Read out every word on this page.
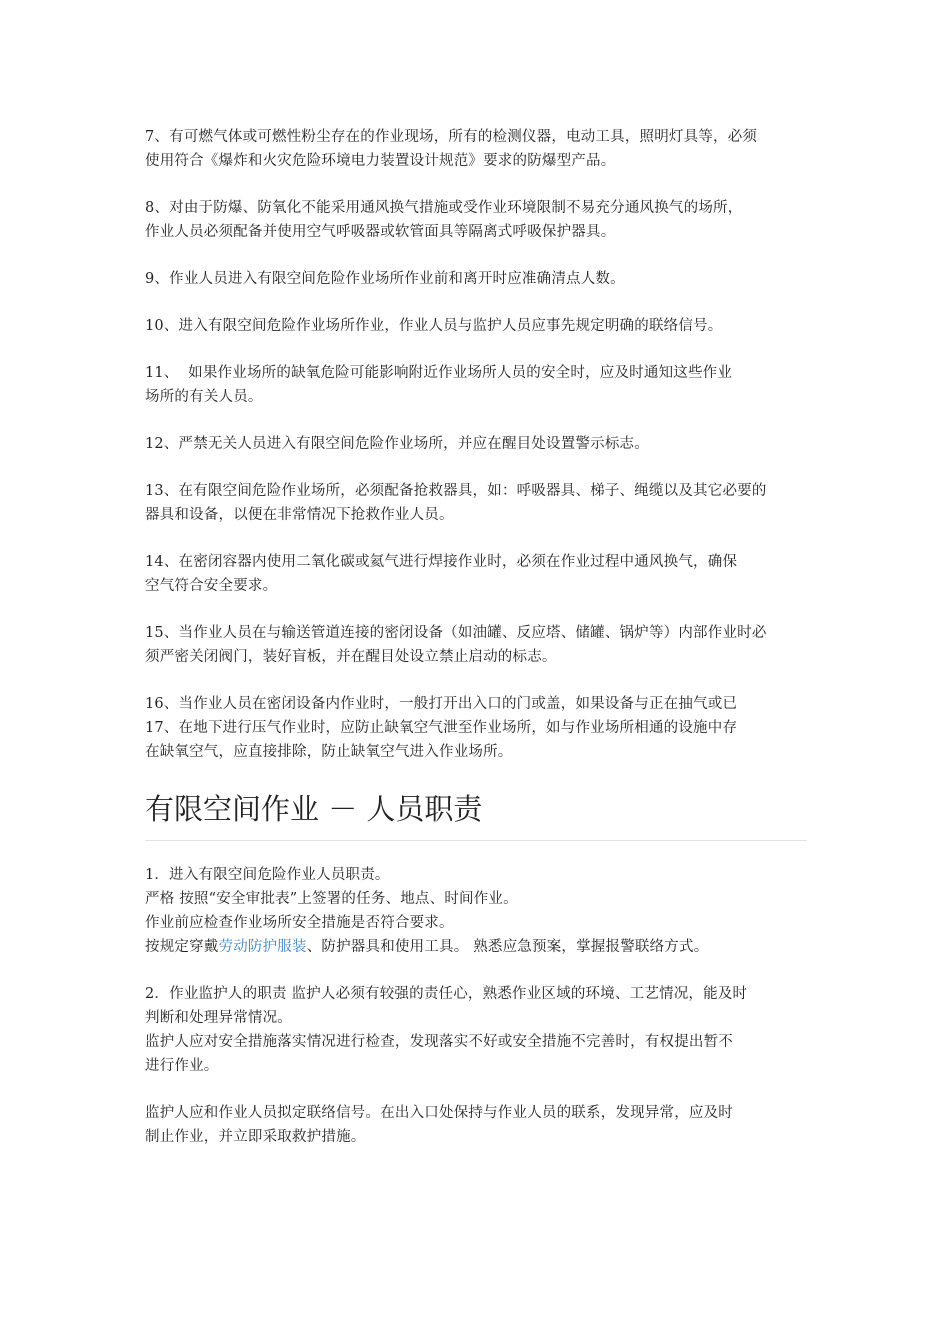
7、有可燃气体或可燃性粉尘存在的作业现场，所有的检测仪器，电动工具，照明灯具等，必须
使用符合《爆炸和火灾危险环境电力装置设计规范》要求的防爆型产品。

8、对由于防爆、防氧化不能采用通风换气措施或受作业环境限制不易充分通风换气的场所，
作业人员必须配备并使用空气呼吸器或软管面具等隔离式呼吸保护器具。

9、作业人员进入有限空间危险作业场所作业前和离开时应准确清点人数。

10、进入有限空间危险作业场所作业，作业人员与监护人员应事先规定明确的联络信号。

11、  如果作业场所的缺氧危险可能影响附近作业场所人员的安全时，应及时通知这些作业
场所的有关人员。

12、严禁无关人员进入有限空间危险作业场所，并应在醒目处设置警示标志。

13、在有限空间危险作业场所，必须配备抢救器具，如：呼吸器具、梯子、绳缆以及其它必要的
器具和设备，以便在非常情况下抢救作业人员。

14、在密闭容器内使用二氧化碳或氦气进行焊接作业时，必须在作业过程中通风换气，确保
空气符合安全要求。

15、当作业人员在与输送管道连接的密闭设备（如油罐、反应塔、储罐、锅炉等）内部作业时必
须严密关闭阀门，装好盲板，并在醒目处设立禁止启动的标志。

16、当作业人员在密闭设备内作业时，一般打开出入口的门或盖，如果设备与正在抽气或已
17、在地下进行压气作业时，应防止缺氧空气泄至作业场所，如与作业场所相通的设施中存
在缺氧空气，应直接排除，防止缺氧空气进入作业场所。

有限空间作业 － 人员职责

1．进入有限空间危险作业人员职责。
严格 按照“安全审批表”上签署的任务、地点、时间作业。
作业前应检查作业场所安全措施是否符合要求。
按规定穿戴劳动防护服装、防护器具和使用工具。 熟悉应急预案，掌握报警联络方式。

2．作业监护人的职责 监护人必须有较强的责任心，熟悉作业区域的环境、工艺情况，能及时
判断和处理异常情况。
监护人应对安全措施落实情况进行检查，发现落实不好或安全措施不完善时，有权提出暂不
进行作业。

监护人应和作业人员拟定联络信号。在出入口处保持与作业人员的联系，发现异常，应及时
制止作业，并立即采取救护措施。
